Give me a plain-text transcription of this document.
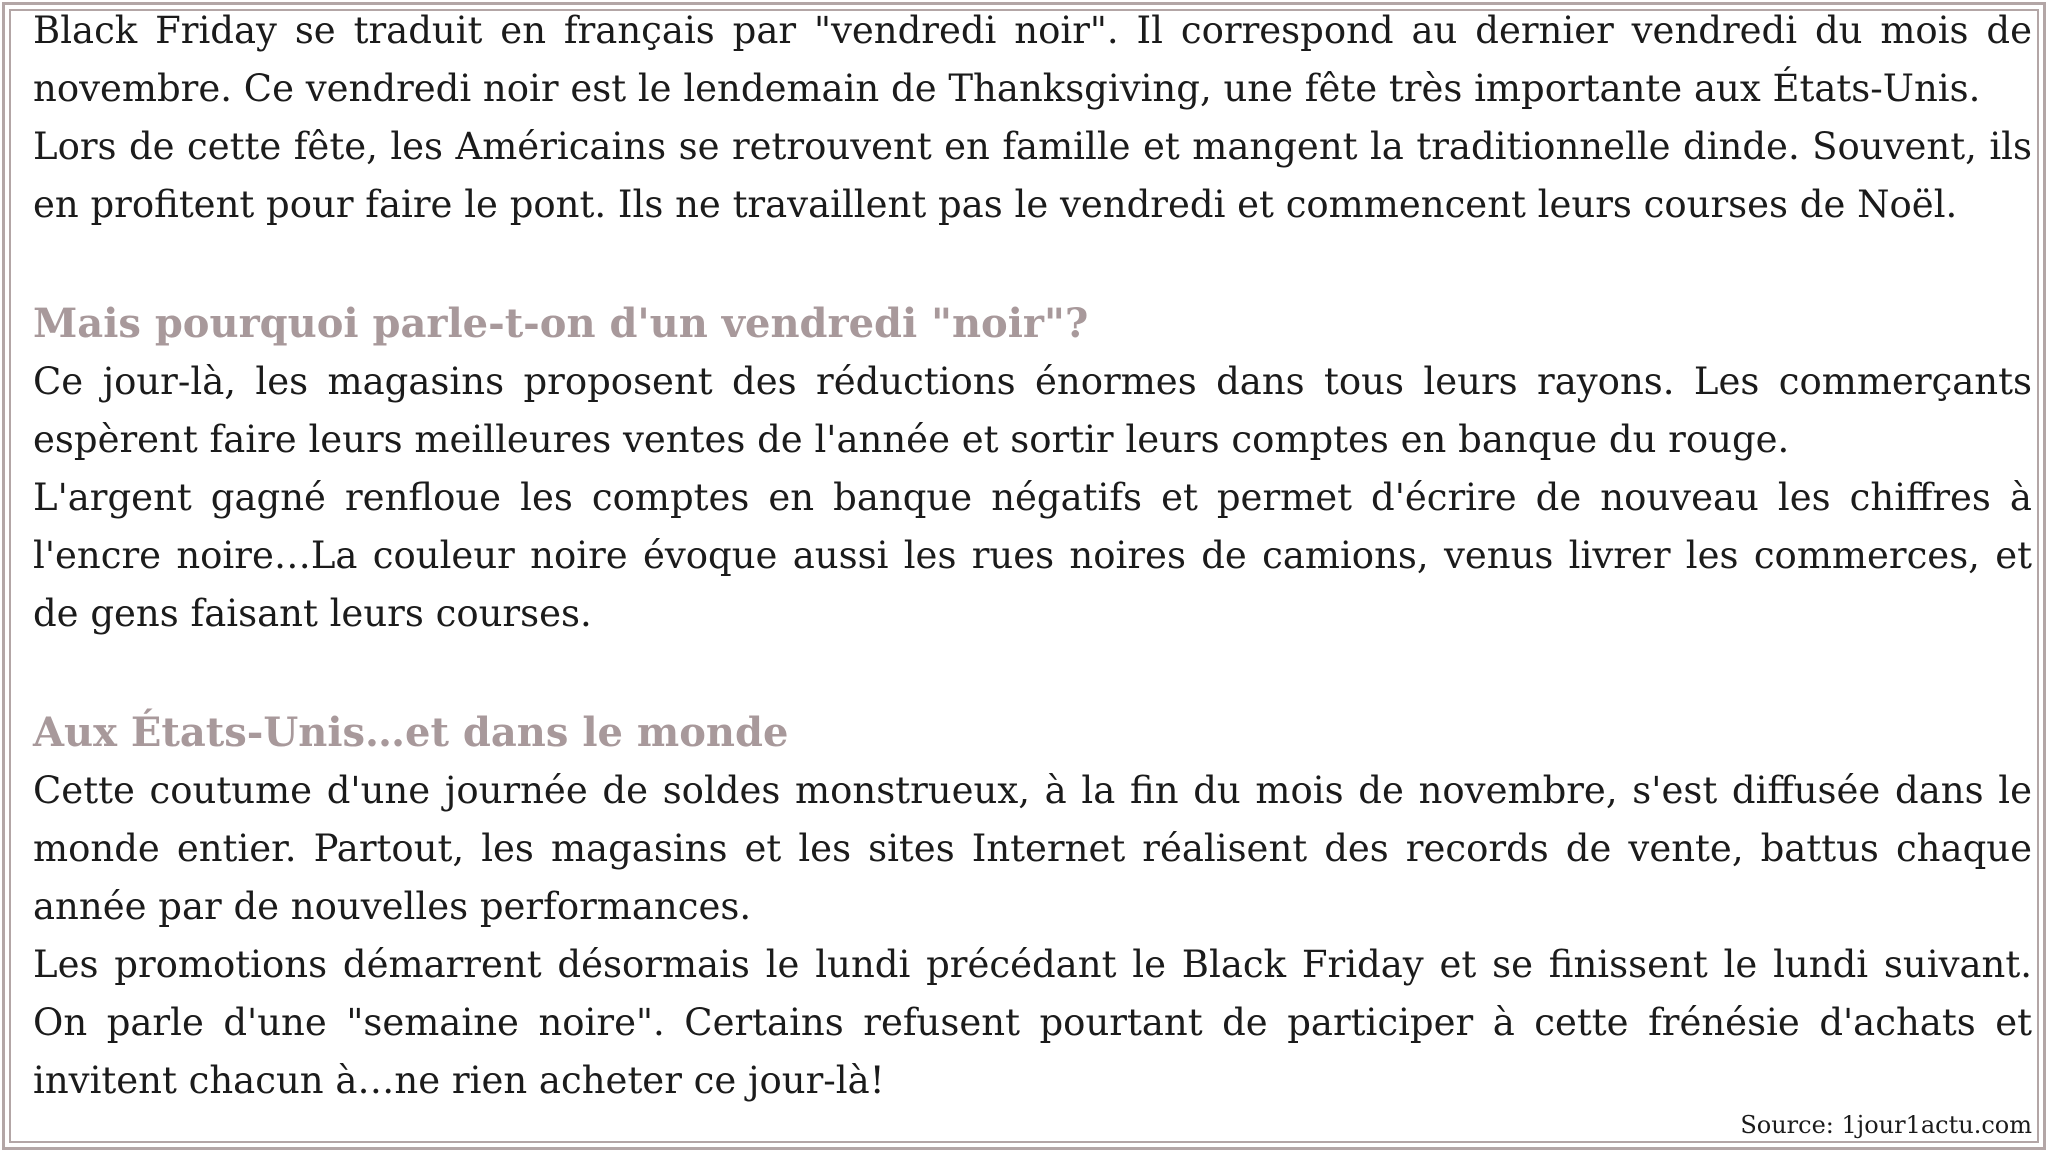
Black Friday se traduit en français par "vendredi noir". Il correspond au dernier vendredi du mois de novembre. Ce vendredi noir est le lendemain de Thanksgiving, une fête très importante aux États-Unis.

Lors de cette fête, les Américains se retrouvent en famille et mangent la traditionnelle dinde. Souvent, ils en profitent pour faire le pont. Ils ne travaillent pas le vendredi et commencent leurs courses de Noël.

Mais pourquoi parle-t-on d'un vendredi "noir"?

Ce jour-là, les magasins proposent des réductions énormes dans tous leurs rayons. Les commerçants espèrent faire leurs meilleures ventes de l'année et sortir leurs comptes en banque du rouge.

L'argent gagné renfloue les comptes en banque négatifs et permet d'écrire de nouveau les chiffres à l'encre noire…La couleur noire évoque aussi les rues noires de camions, venus livrer les commerces, et de gens faisant leurs courses.

Aux États-Unis…et dans le monde

Cette coutume d'une journée de soldes monstrueux, à la fin du mois de novembre, s'est diffusée dans le monde entier. Partout, les magasins et les sites Internet réalisent des records de vente, battus chaque année par de nouvelles performances.

Les promotions démarrent désormais le lundi précédant le Black Friday et se finissent le lundi suivant. On parle d'une "semaine noire". Certains refusent pourtant de participer à cette frénésie d'achats et invitent chacun à…ne rien acheter ce jour-là!

Source: 1jour1actu.com
